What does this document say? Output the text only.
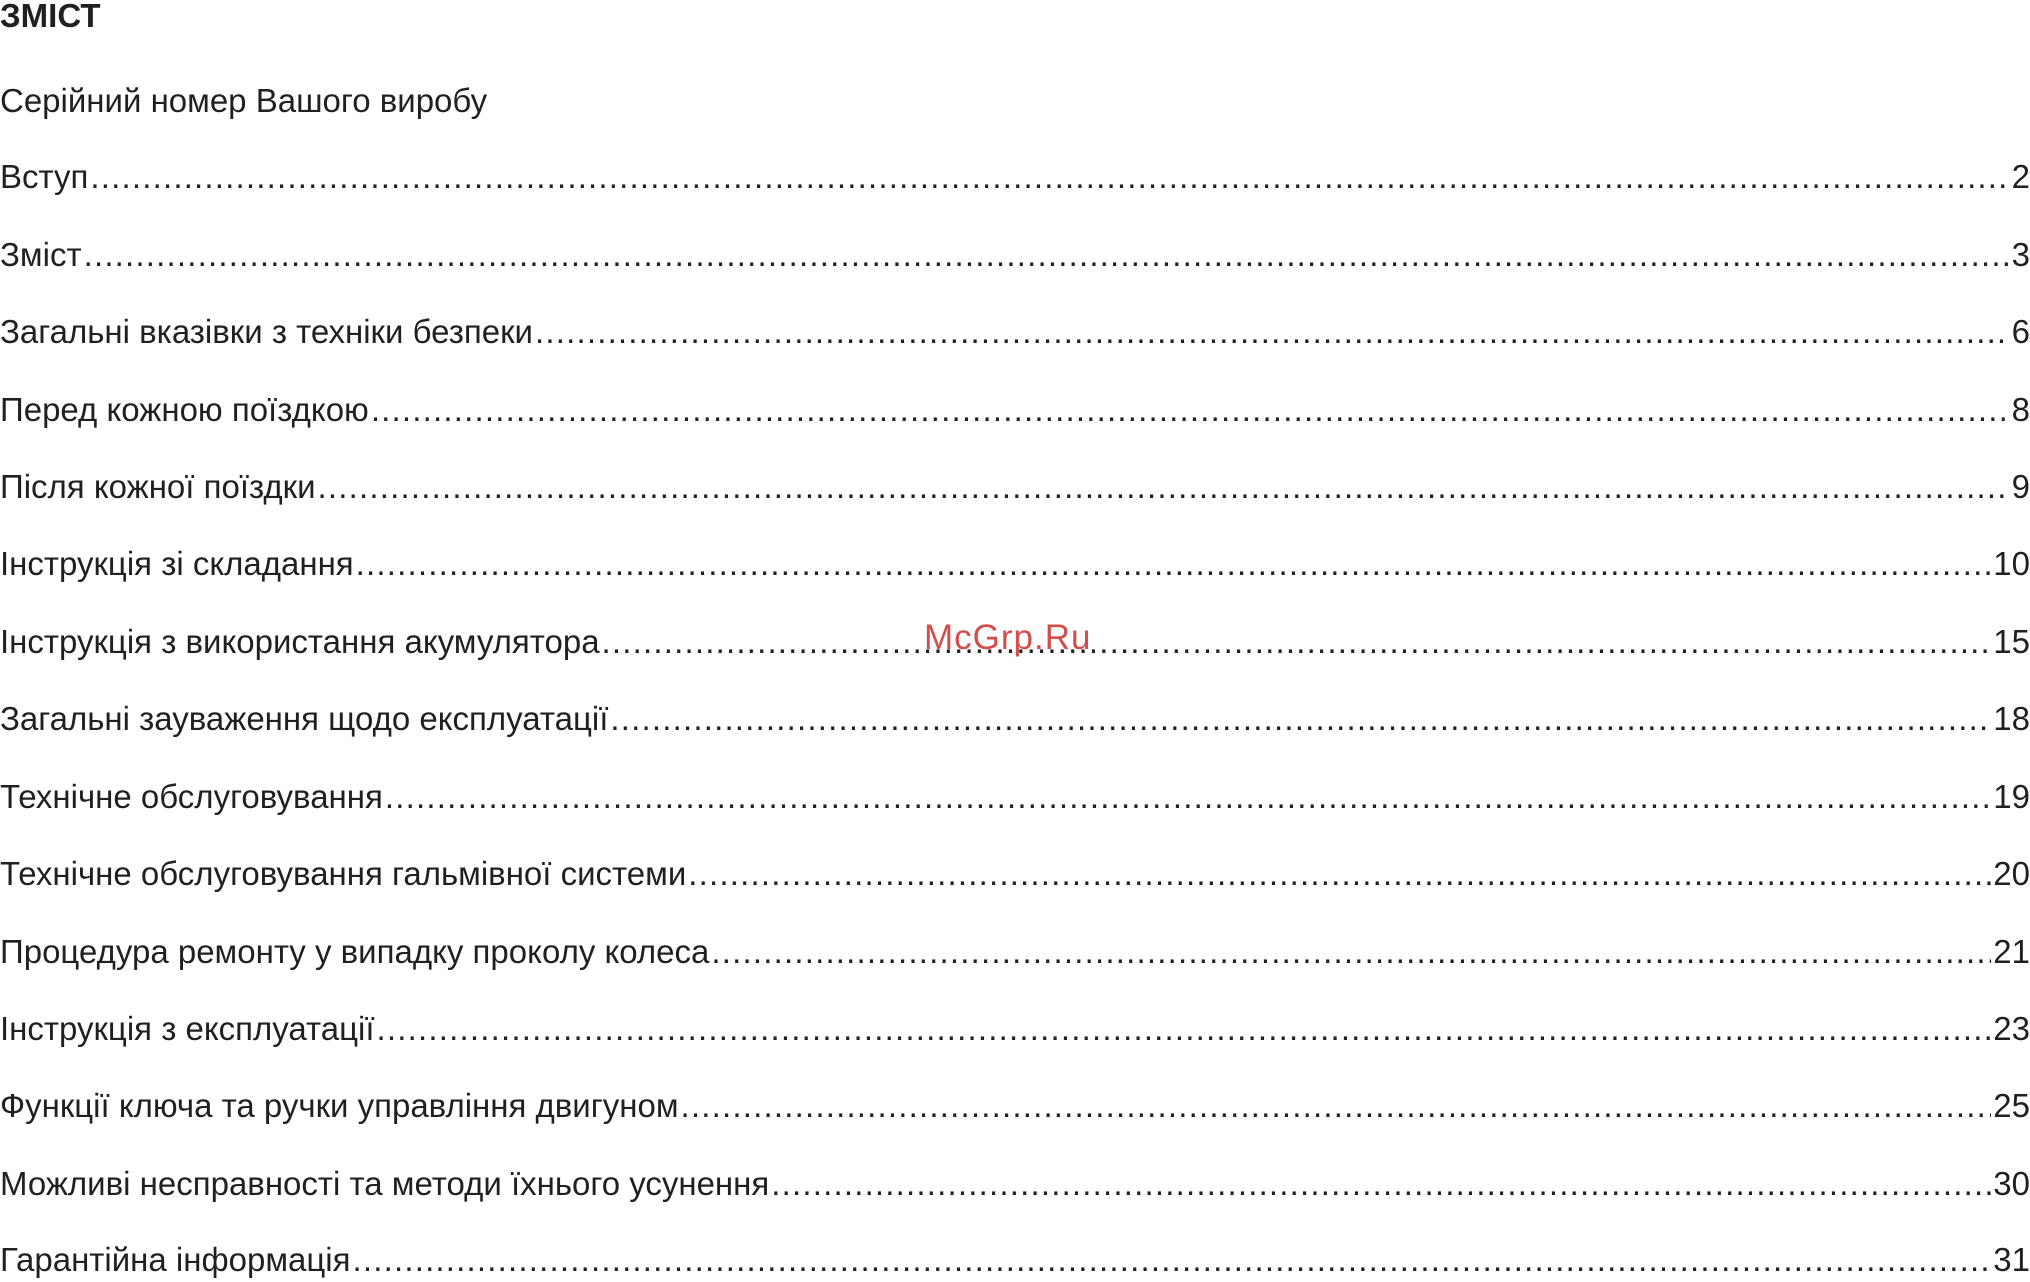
ЗМІСТ
Серійний номер Вашого виробу
Вступ .....	2
Зміст .....	3
Загальні вказівки з техніки безпеки .....	6
Перед кожною поїздкою .....	8
Після кожної поїздки .....	9
Інструкція зі складання .....	10
Інструкція з використання акумулятора .....	15
Загальні зауваження щодо експлуатації .....	18
Технічне обслуговування .....	19
Технічне обслуговування гальмівної системи .....	20
Процедура ремонту у випадку проколу колеса .....	21
Інструкція з експлуатації .....	23
Функції ключа та ручки управління двигуном .....	25
Можливі несправності та методи їхнього усунення .....	30
Гарантійна інформація .....	31
McGrp.Ru
